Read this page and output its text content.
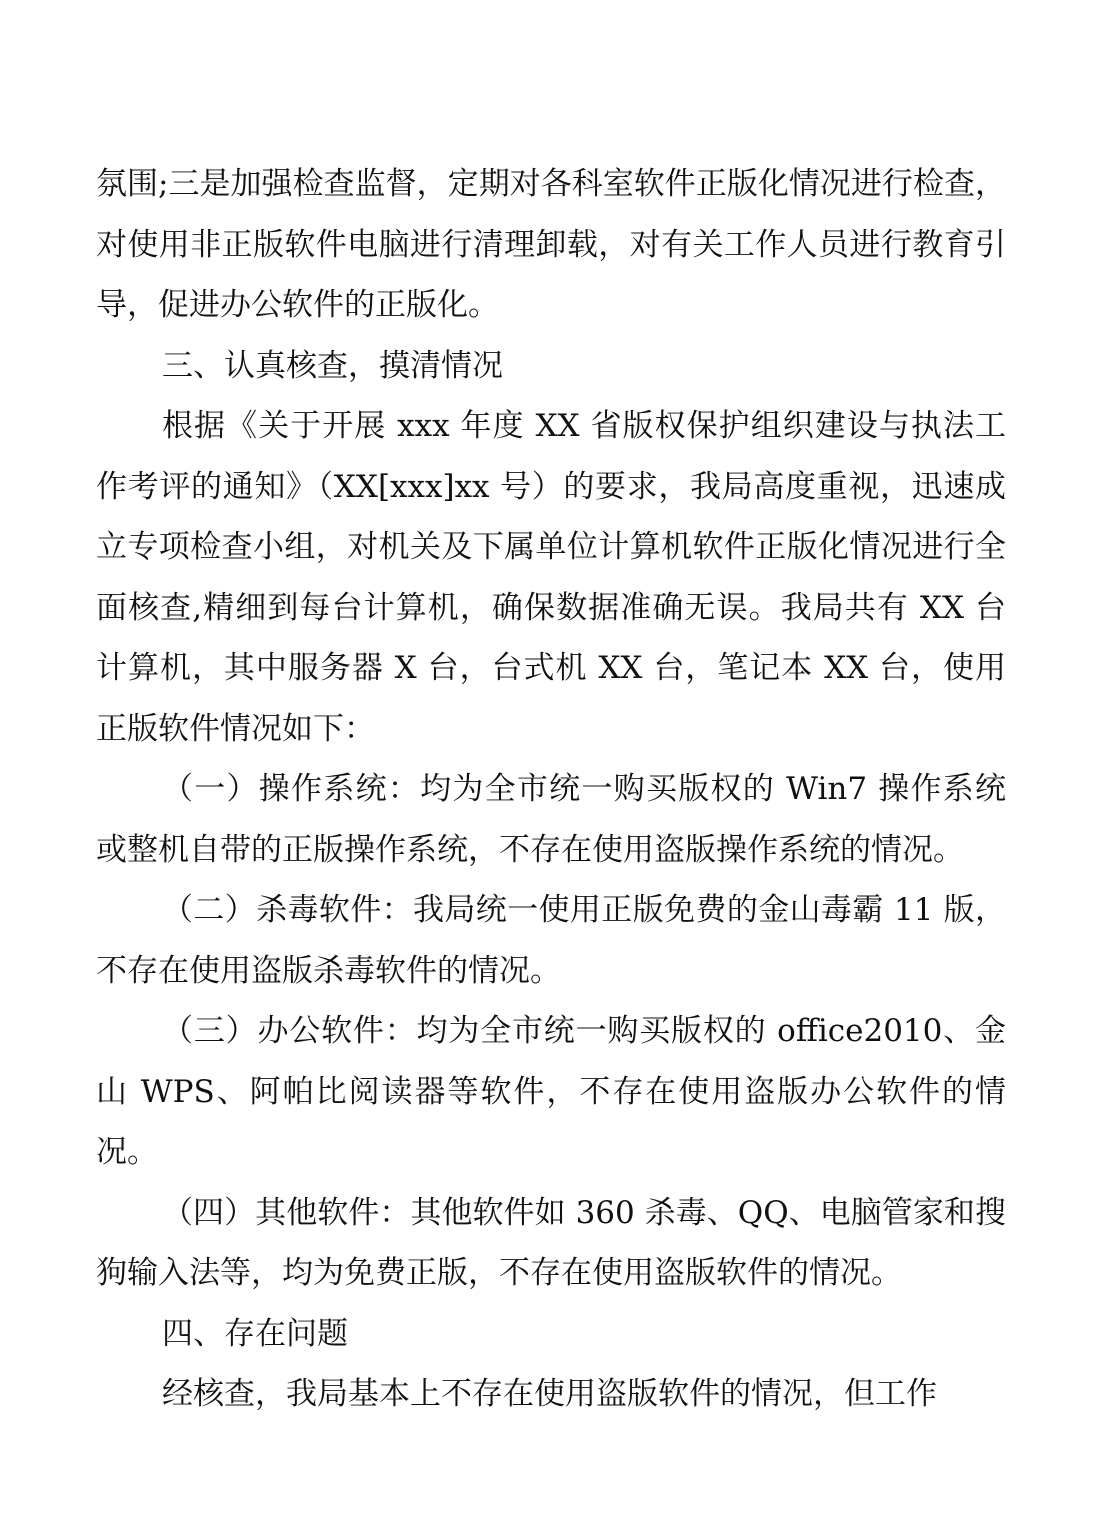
氛围;三是加强检查监督，定期对各科室软件正版化情况进行检查，对使用非正版软件电脑进行清理卸载，对有关工作人员进行教育引导，促进办公软件的正版化。

三、认真核查，摸清情况

根据《关于开展 xxx 年度 XX 省版权保护组织建设与执法工作考评的通知》（XX[xxx]xx 号）的要求，我局高度重视，迅速成立专项检查小组，对机关及下属单位计算机软件正版化情况进行全面核查,精细到每台计算机，确保数据准确无误。我局共有 XX 台计算机，其中服务器 X 台，台式机 XX 台，笔记本 XX 台，使用正版软件情况如下：

（一）操作系统：均为全市统一购买版权的 Win7 操作系统或整机自带的正版操作系统，不存在使用盗版操作系统的情况。

（二）杀毒软件：我局统一使用正版免费的金山毒霸 11 版，不存在使用盗版杀毒软件的情况。

（三）办公软件：均为全市统一购买版权的 office2010、金山 WPS、阿帕比阅读器等软件，不存在使用盗版办公软件的情况。

（四）其他软件：其他软件如 360 杀毒、QQ、电脑管家和搜狗输入法等，均为免费正版，不存在使用盗版软件的情况。

四、存在问题

经核查，我局基本上不存在使用盗版软件的情况，但工作
